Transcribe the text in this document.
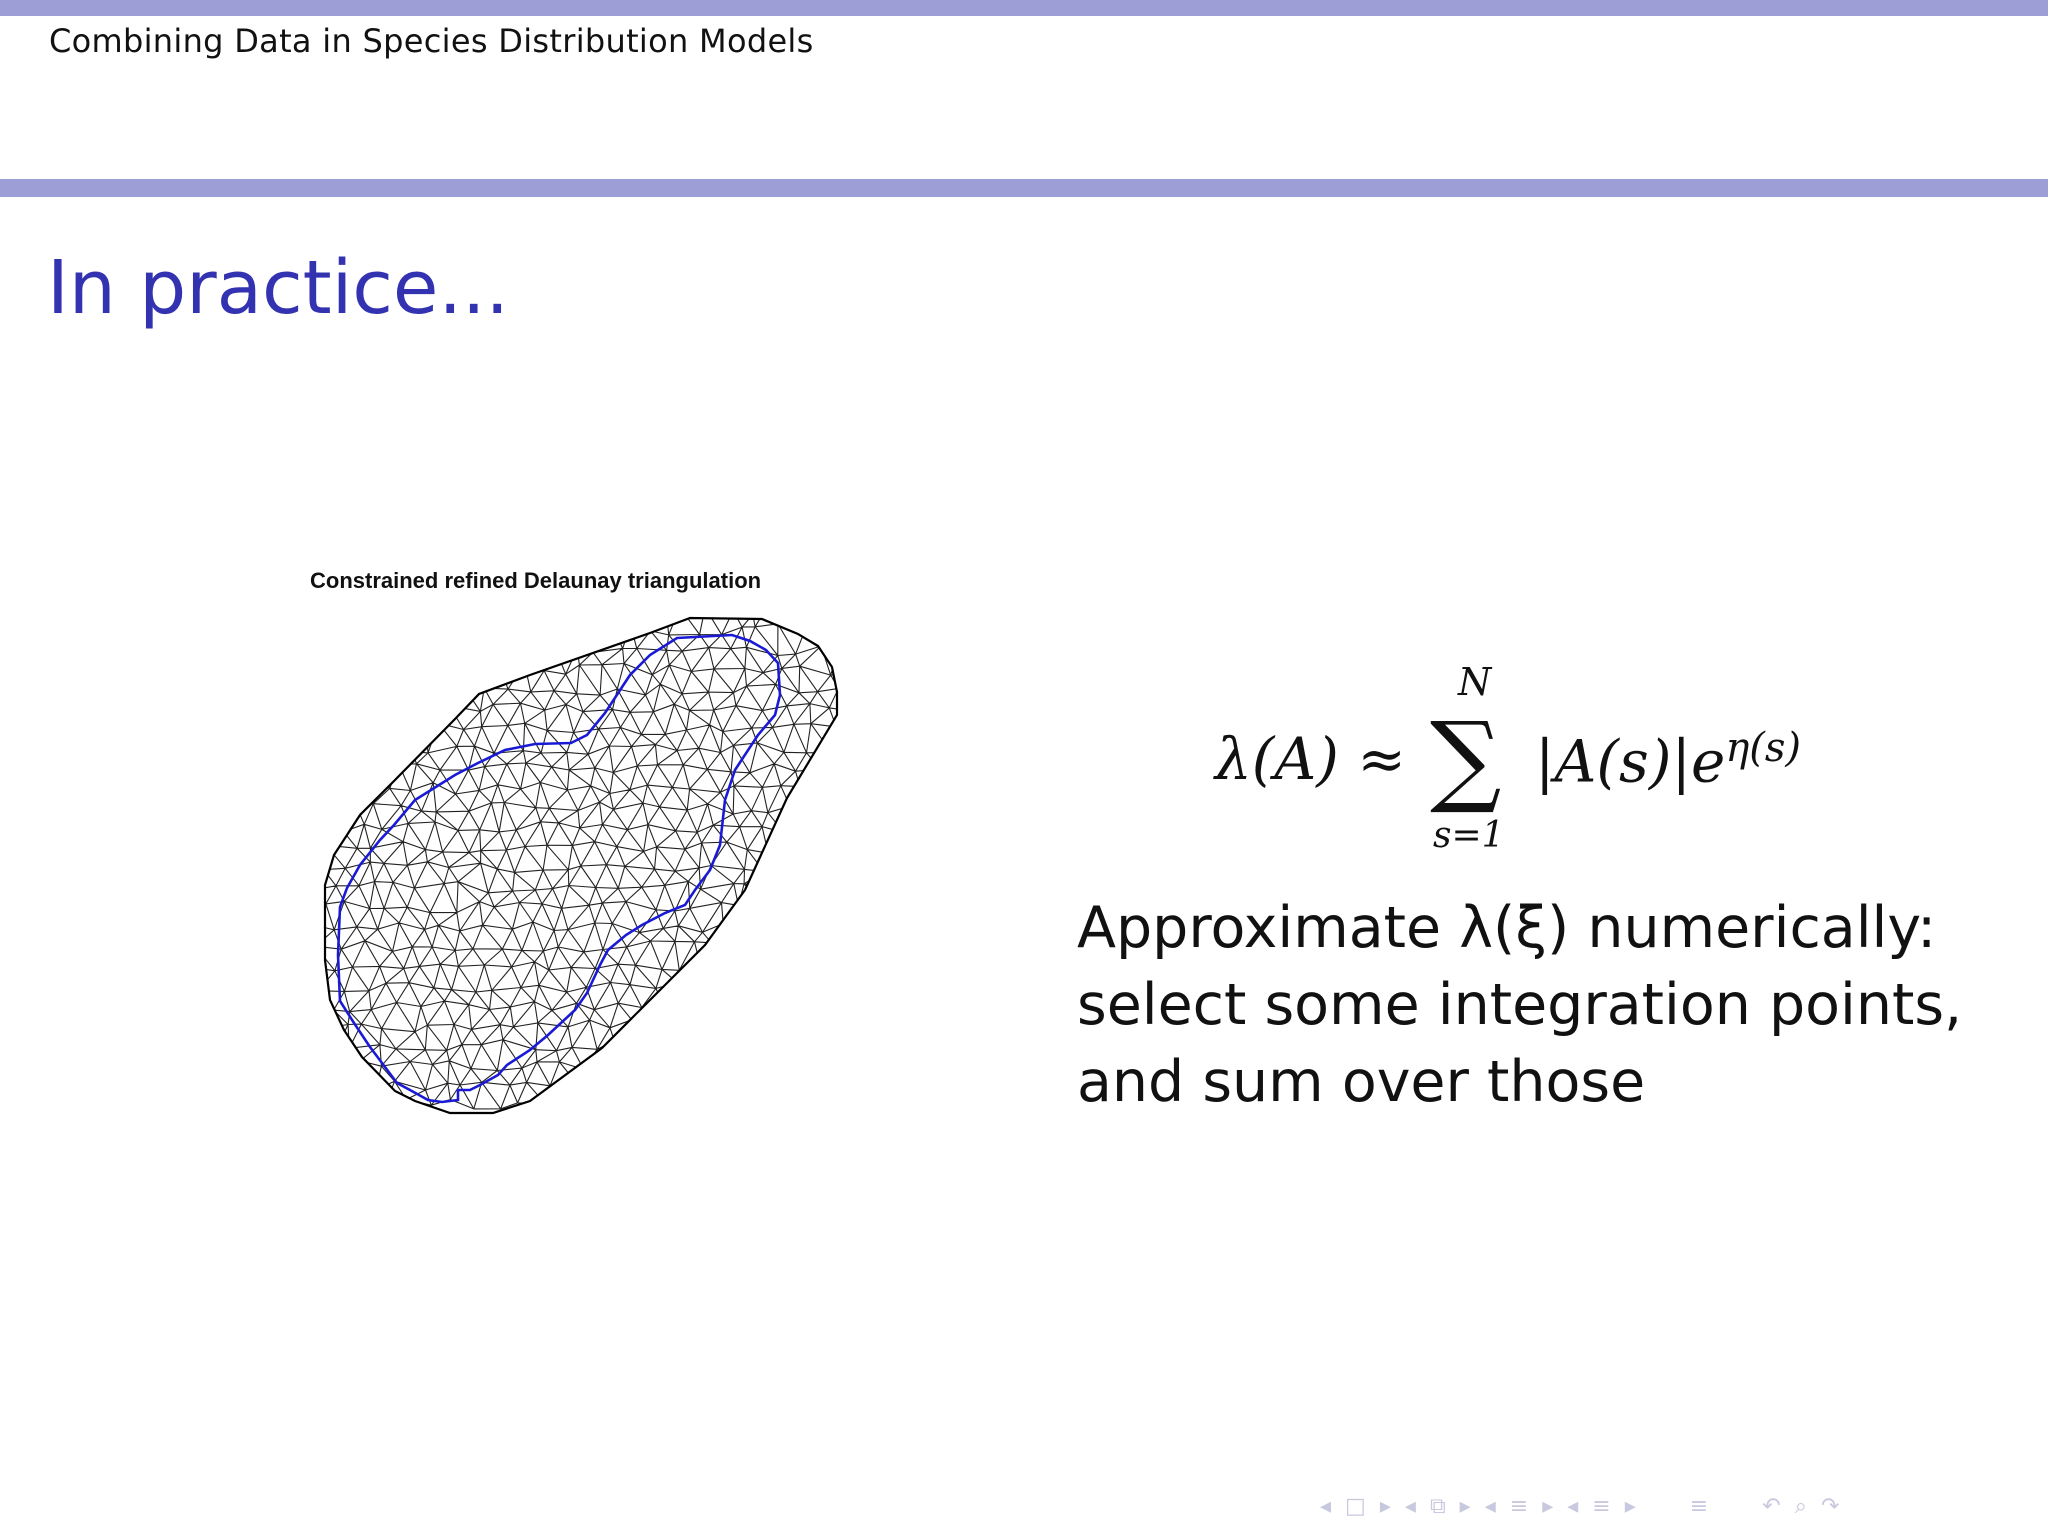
Combining Data in Species Distribution Models
In practice...
Constrained refined Delaunay triangulation
λ(A) ≈
N
∑
s=1
$|A(s)|e^{\eta(s)}$
Approximate λ(ξ) numerically:
select some integration points,
and sum over those
◂ □ ▸ ◂ ⧉ ▸ ◂ ≡ ▸ ◂ ≡ ▸ ≡ ↶ ⌕ ↷
